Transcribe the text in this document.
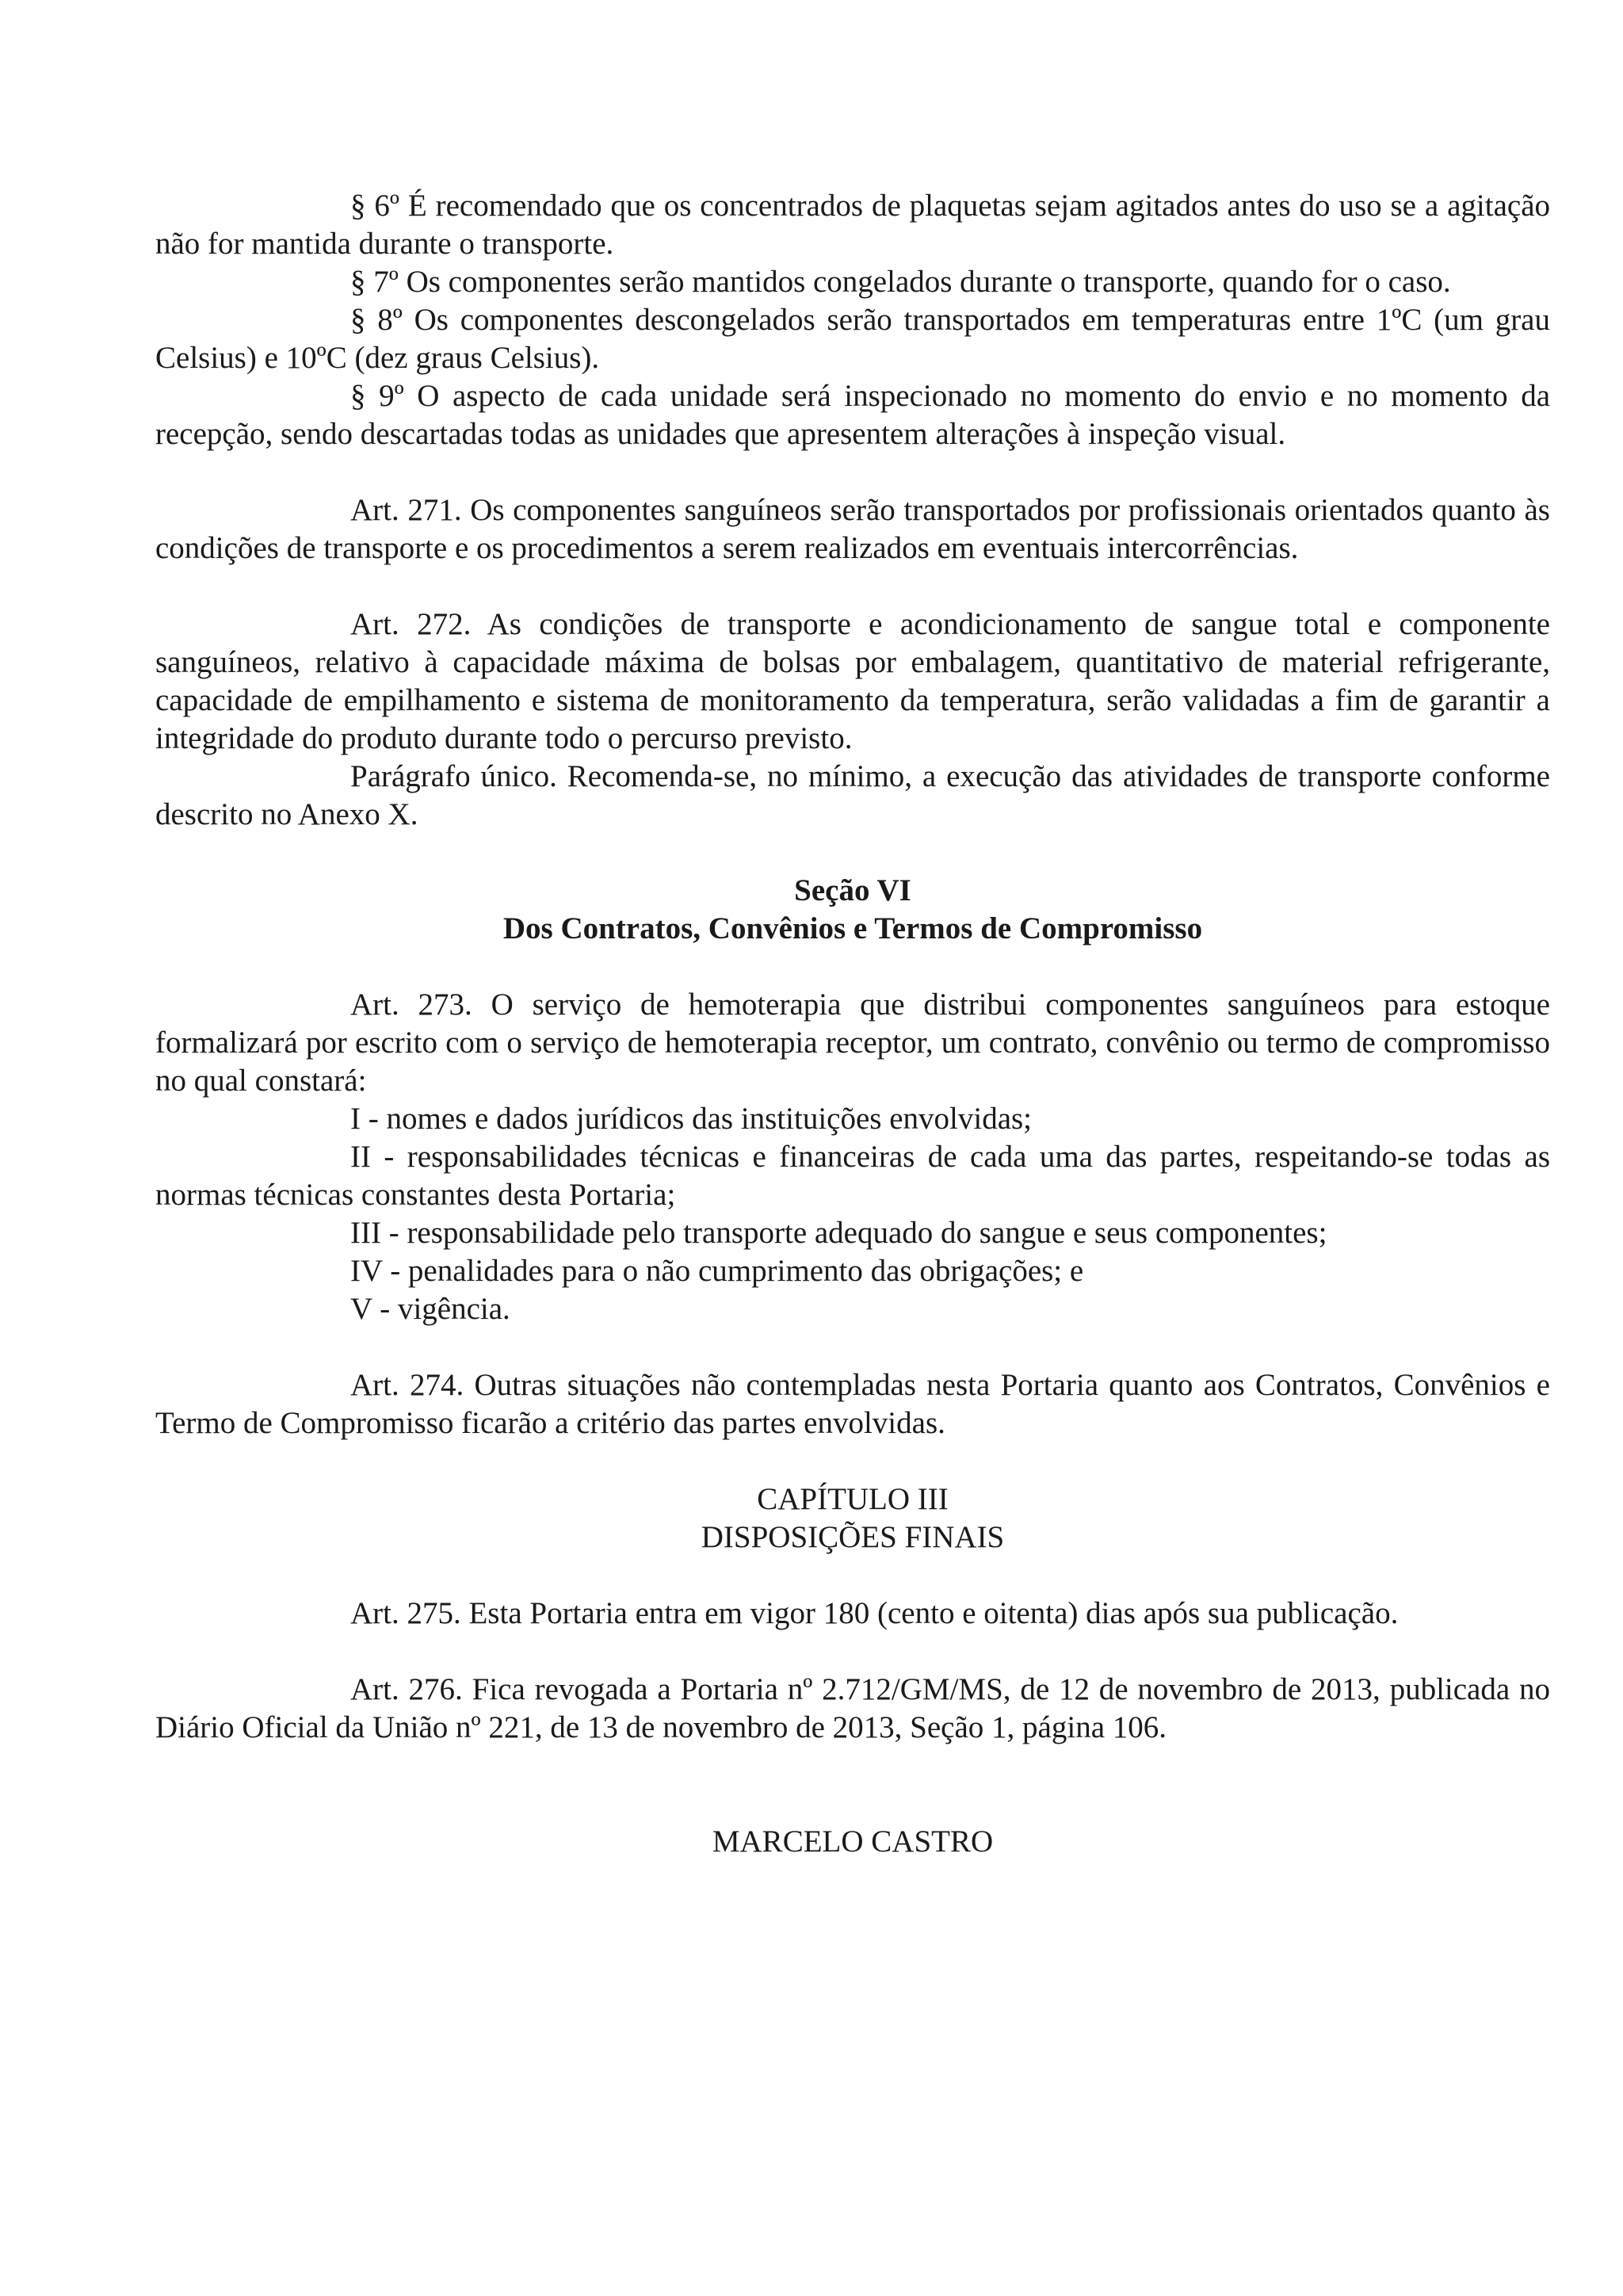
§ 6º É recomendado que os concentrados de plaquetas sejam agitados antes do uso se a agitação não for mantida durante o transporte.

§ 7º Os componentes serão mantidos congelados durante o transporte, quando for o caso.

§ 8º Os componentes descongelados serão transportados em temperaturas entre 1ºC (um grau Celsius) e 10ºC (dez graus Celsius).

§ 9º O aspecto de cada unidade será inspecionado no momento do envio e no momento da recepção, sendo descartadas todas as unidades que apresentem alterações à inspeção visual.

Art. 271. Os componentes sanguíneos serão transportados por profissionais orientados quanto às condições de transporte e os procedimentos a serem realizados em eventuais intercorrências.

Art. 272. As condições de transporte e acondicionamento de sangue total e componente sanguíneos, relativo à capacidade máxima de bolsas por embalagem, quantitativo de material refrigerante, capacidade de empilhamento e sistema de monitoramento da temperatura, serão validadas a fim de garantir a integridade do produto durante todo o percurso previsto.

Parágrafo único. Recomenda-se, no mínimo, a execução das atividades de transporte conforme descrito no Anexo X.

Seção VI

Dos Contratos, Convênios e Termos de Compromisso

Art. 273. O serviço de hemoterapia que distribui componentes sanguíneos para estoque formalizará por escrito com o serviço de hemoterapia receptor, um contrato, convênio ou termo de compromisso no qual constará:

I - nomes e dados jurídicos das instituições envolvidas;

II - responsabilidades técnicas e financeiras de cada uma das partes, respeitando-se todas as normas técnicas constantes desta Portaria;

III - responsabilidade pelo transporte adequado do sangue e seus componentes;

IV - penalidades para o não cumprimento das obrigações; e

V - vigência.

Art. 274. Outras situações não contempladas nesta Portaria quanto aos Contratos, Convênios e Termo de Compromisso ficarão a critério das partes envolvidas.

CAPÍTULO III

DISPOSIÇÕES FINAIS

Art. 275. Esta Portaria entra em vigor 180 (cento e oitenta) dias após sua publicação.

Art. 276. Fica revogada a Portaria nº 2.712/GM/MS, de 12 de novembro de 2013, publicada no Diário Oficial da União nº 221, de 13 de novembro de 2013, Seção 1, página 106.

MARCELO CASTRO
